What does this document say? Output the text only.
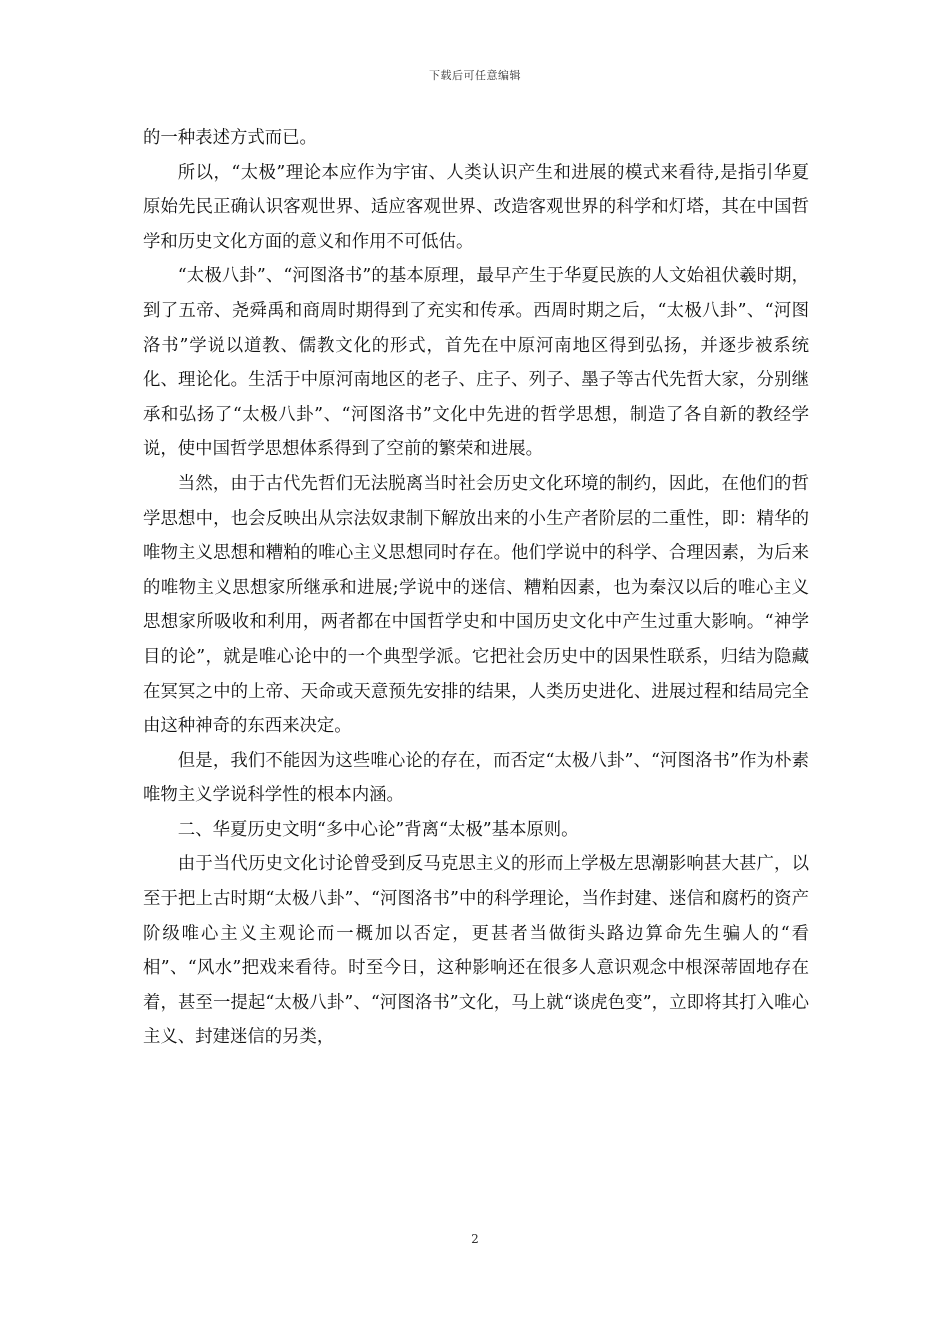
下载后可任意编辑

的一种表述方式而已。

所以，“太极”理论本应作为宇宙、人类认识产生和进展的模式来看待,是指引华夏原始先民正确认识客观世界、适应客观世界、改造客观世界的科学和灯塔，其在中国哲学和历史文化方面的意义和作用不可低估。

“太极八卦”、“河图洛书”的基本原理，最早产生于华夏民族的人文始祖伏羲时期，到了五帝、尧舜禹和商周时期得到了充实和传承。西周时期之后，“太极八卦”、“河图洛书”学说以道教、儒教文化的形式，首先在中原河南地区得到弘扬，并逐步被系统化、理论化。生活于中原河南地区的老子、庄子、列子、墨子等古代先哲大家，分别继承和弘扬了“太极八卦”、“河图洛书”文化中先进的哲学思想，制造了各自新的教经学说，使中国哲学思想体系得到了空前的繁荣和进展。

当然，由于古代先哲们无法脱离当时社会历史文化环境的制约，因此，在他们的哲学思想中，也会反映出从宗法奴隶制下解放出来的小生产者阶层的二重性，即：精华的唯物主义思想和糟粕的唯心主义思想同时存在。他们学说中的科学、合理因素，为后来的唯物主义思想家所继承和进展;学说中的迷信、糟粕因素，也为秦汉以后的唯心主义思想家所吸收和利用，两者都在中国哲学史和中国历史文化中产生过重大影响。“神学目的论”，就是唯心论中的一个典型学派。它把社会历史中的因果性联系，归结为隐藏在冥冥之中的上帝、天命或天意预先安排的结果，人类历史进化、进展过程和结局完全由这种神奇的东西来决定。

但是，我们不能因为这些唯心论的存在，而否定“太极八卦”、“河图洛书”作为朴素唯物主义学说科学性的根本内涵。

二、华夏历史文明“多中心论”背离“太极”基本原则。

由于当代历史文化讨论曾受到反马克思主义的形而上学极左思潮影响甚大甚广，以至于把上古时期“太极八卦”、“河图洛书”中的科学理论，当作封建、迷信和腐朽的资产阶级唯心主义主观论而一概加以否定，更甚者当做街头路边算命先生骗人的“看相”、“风水”把戏来看待。时至今日，这种影响还在很多人意识观念中根深蒂固地存在着，甚至一提起“太极八卦”、“河图洛书”文化，马上就“谈虎色变”，立即将其打入唯心主义、封建迷信的另类，

2
